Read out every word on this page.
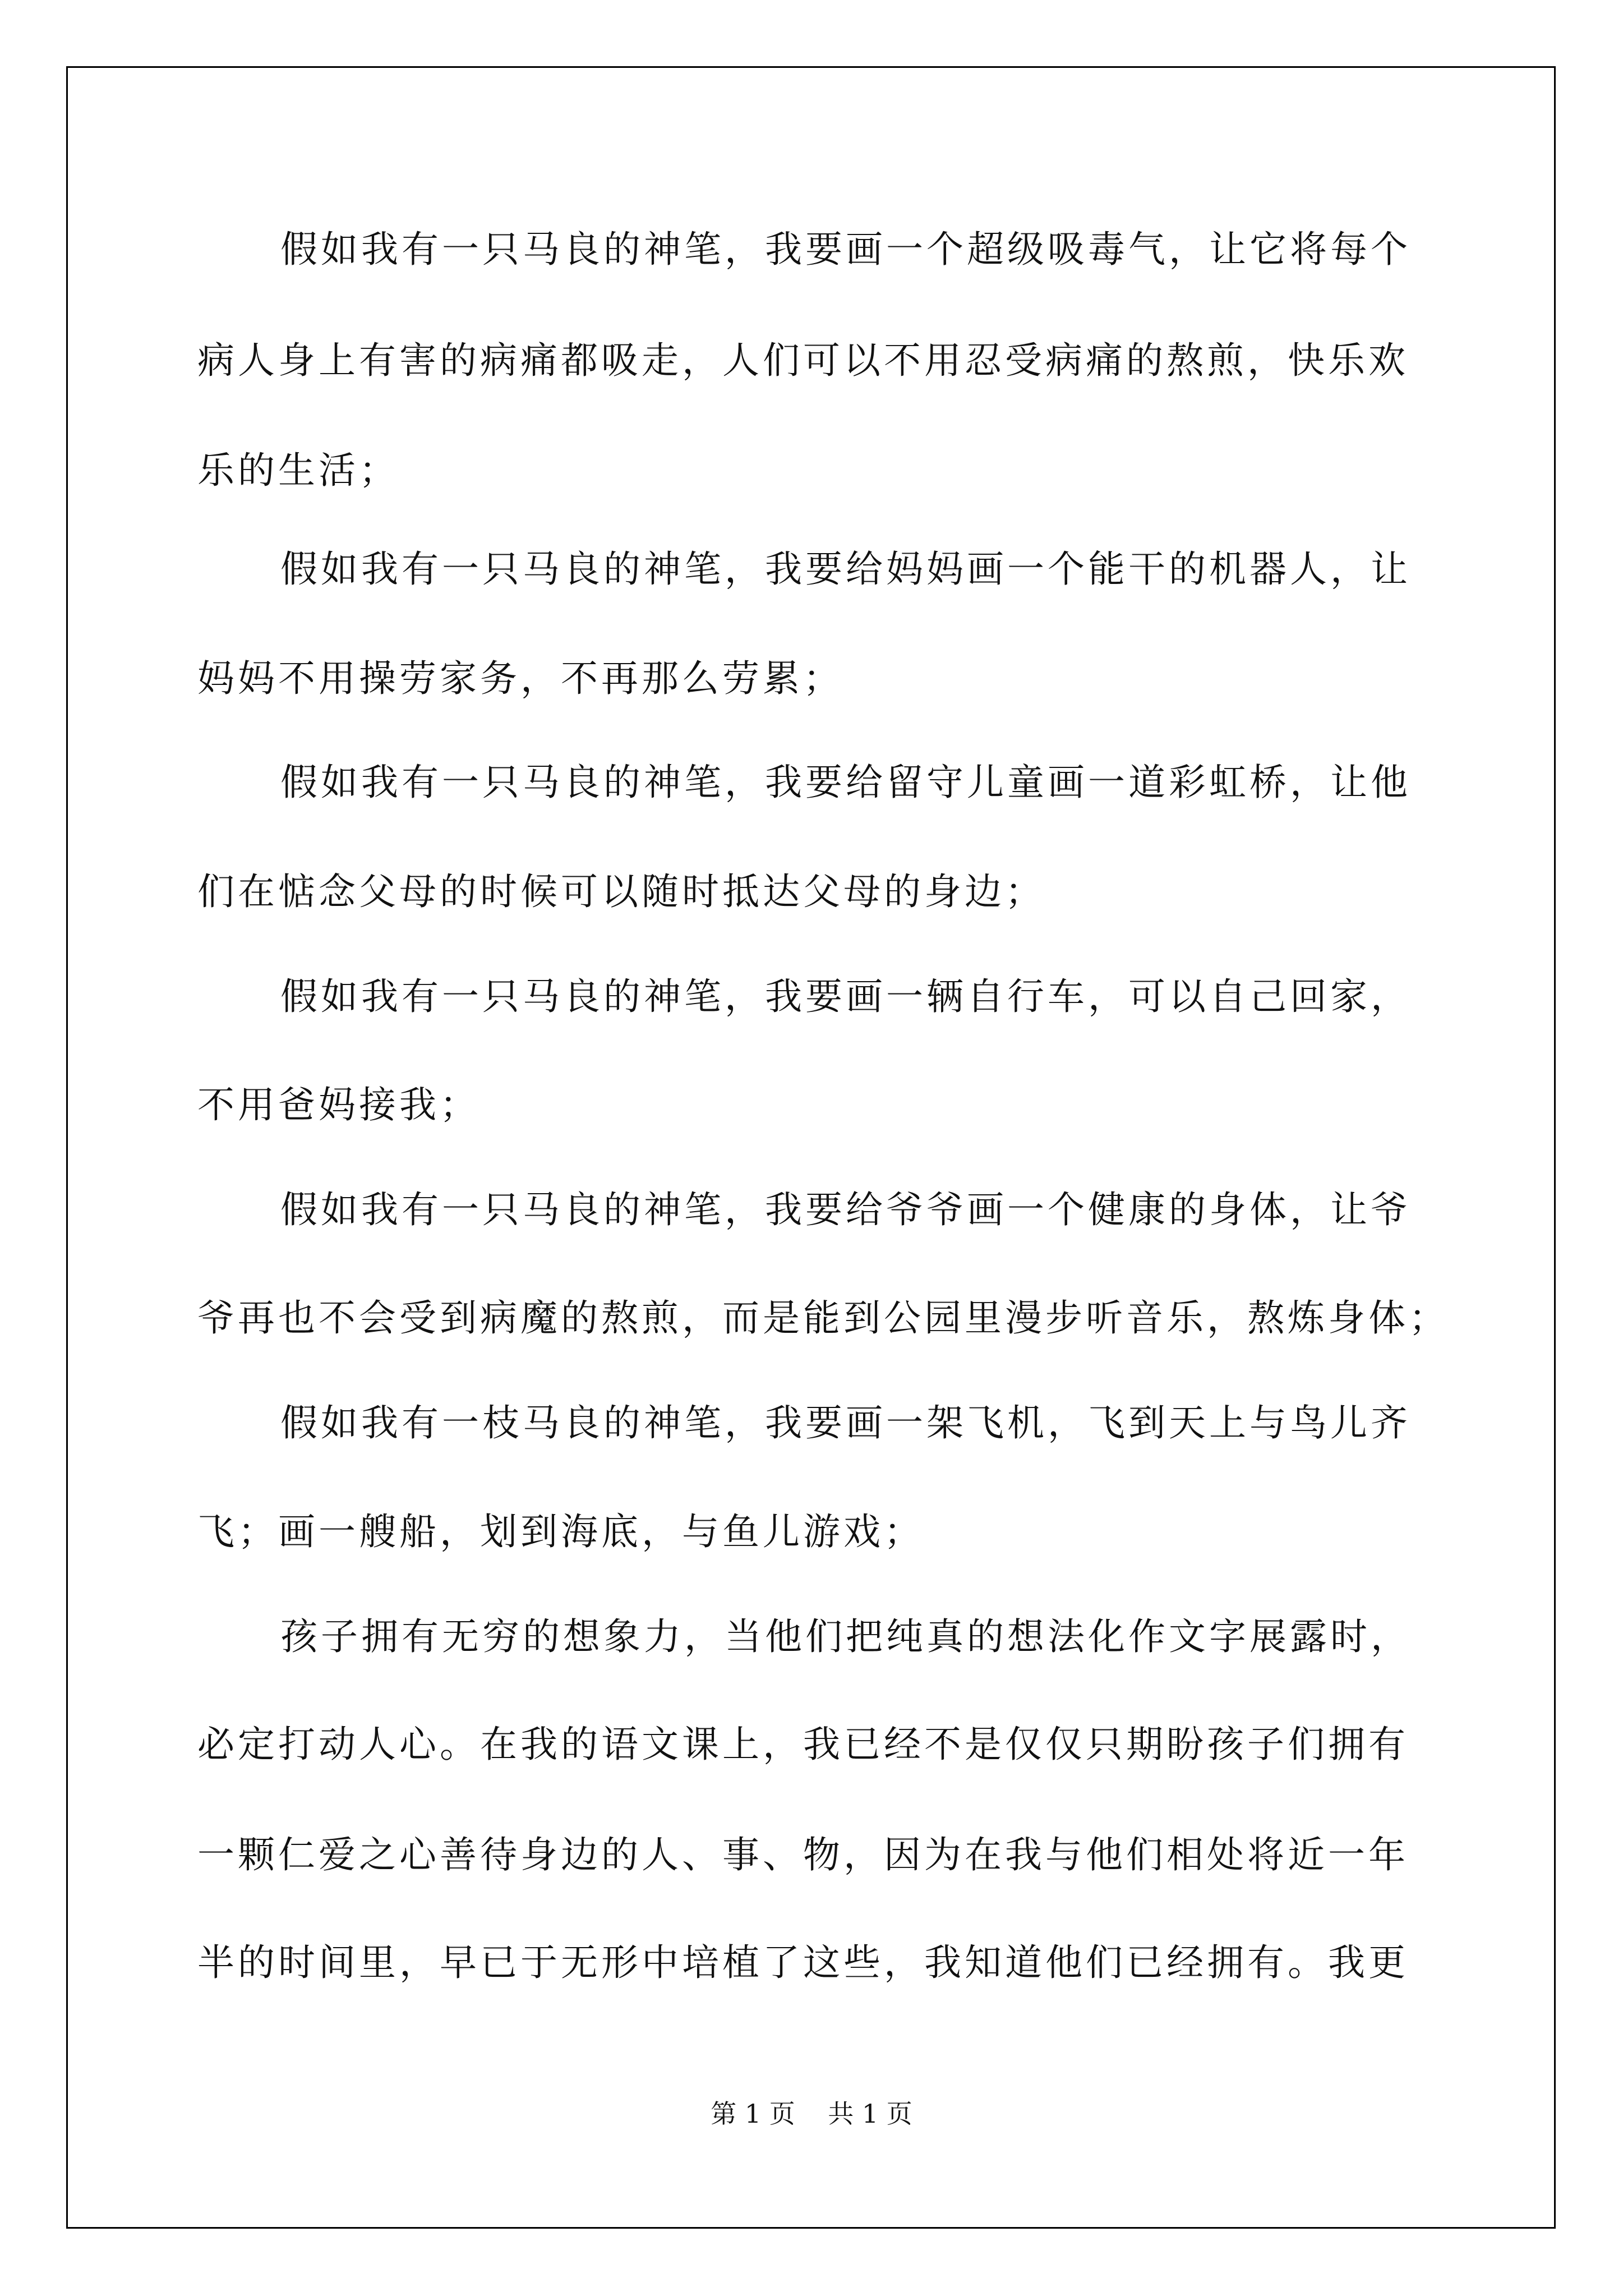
假如我有一只马良的神笔，我要画一个超级吸毒气，让它将每个

病人身上有害的病痛都吸走，人们可以不用忍受病痛的熬煎，快乐欢

乐的生活；

假如我有一只马良的神笔，我要给妈妈画一个能干的机器人，让

妈妈不用操劳家务，不再那么劳累；

假如我有一只马良的神笔，我要给留守儿童画一道彩虹桥，让他

们在惦念父母的时候可以随时抵达父母的身边；

假如我有一只马良的神笔，我要画一辆自行车，可以自己回家，

不用爸妈接我；

假如我有一只马良的神笔，我要给爷爷画一个健康的身体，让爷

爷再也不会受到病魔的熬煎，而是能到公园里漫步听音乐，熬炼身体；

假如我有一枝马良的神笔，我要画一架飞机，飞到天上与鸟儿齐

飞；画一艘船，划到海底，与鱼儿游戏；

孩子拥有无穷的想象力，当他们把纯真的想法化作文字展露时，

必定打动人心。在我的语文课上，我已经不是仅仅只期盼孩子们拥有

一颗仁爱之心善待身边的人、事、物，因为在我与他们相处将近一年

半的时间里，早已于无形中培植了这些，我知道他们已经拥有。我更

第 1 页    共 1 页
